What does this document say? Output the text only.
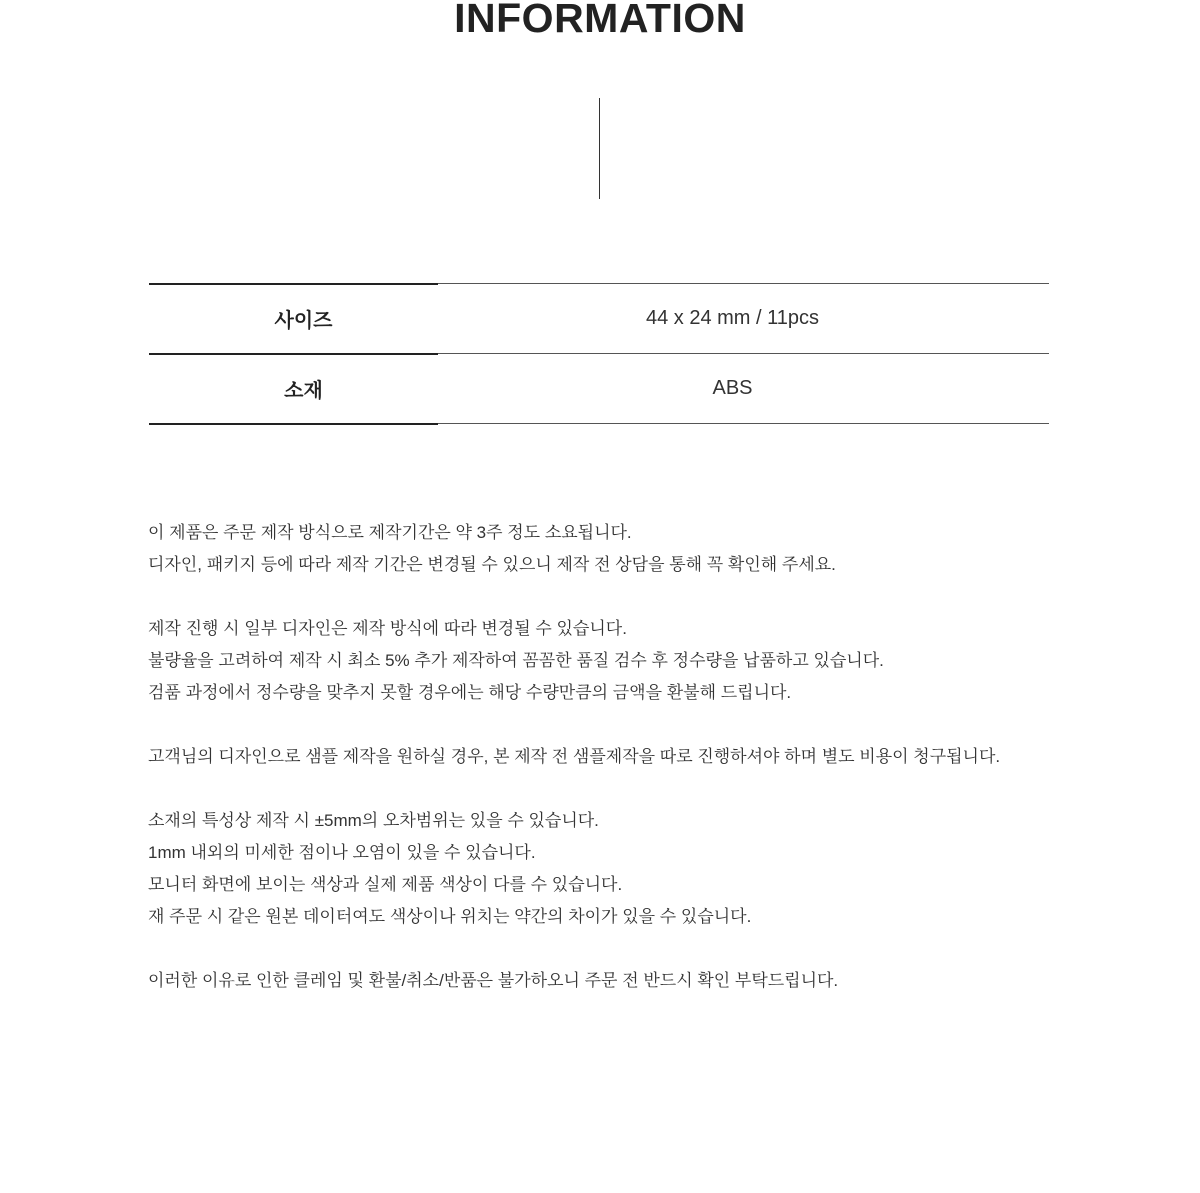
INFORMATION
사이즈	44 x 24 mm / 11pcs
소재	ABS
이 제품은 주문 제작 방식으로 제작기간은 약 3주 정도 소요됩니다.
디자인, 패키지 등에 따라 제작 기간은 변경될 수 있으니 제작 전 상담을 통해 꼭 확인해 주세요.
제작 진행 시 일부 디자인은 제작 방식에 따라 변경될 수 있습니다.
불량율을 고려하여 제작 시 최소 5% 추가 제작하여 꼼꼼한 품질 검수 후 정수량을 납품하고 있습니다.
검품 과정에서 정수량을 맞추지 못할 경우에는 해당 수량만큼의 금액을 환불해 드립니다.
고객님의 디자인으로 샘플 제작을 원하실 경우, 본 제작 전 샘플제작을 따로 진행하셔야 하며 별도 비용이 청구됩니다.
소재의 특성상 제작 시 ±5mm의 오차범위는 있을 수 있습니다.
1mm 내외의 미세한 점이나 오염이 있을 수 있습니다.
모니터 화면에 보이는 색상과 실제 제품 색상이 다를 수 있습니다.
재 주문 시 같은 원본 데이터여도 색상이나 위치는 약간의 차이가 있을 수 있습니다.
이러한 이유로 인한 클레임 및 환불/취소/반품은 불가하오니 주문 전 반드시 확인 부탁드립니다.
